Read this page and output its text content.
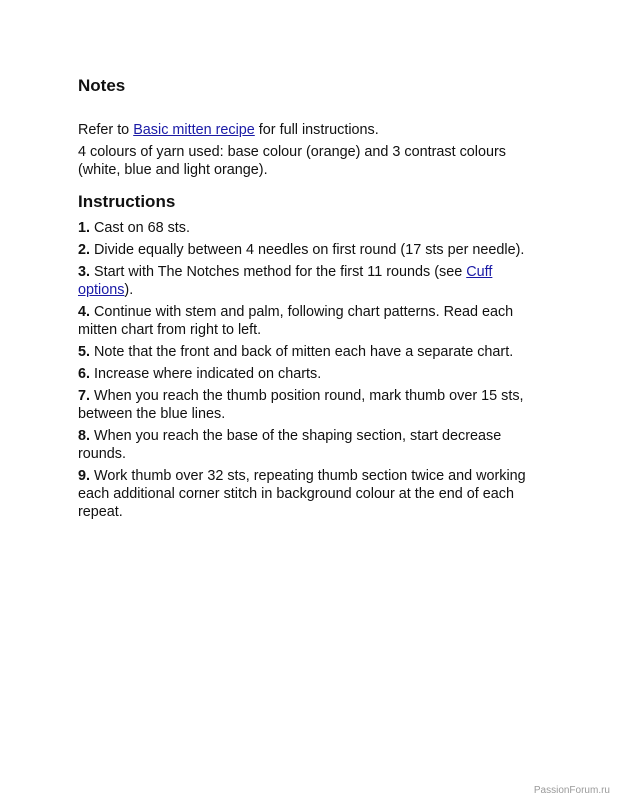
Notes

Refer to Basic mitten recipe for full instructions.

4 colours of yarn used: base colour (orange) and 3 contrast colours (white, blue and light orange).

Instructions

1. Cast on 68 sts.

2. Divide equally between 4 needles on first round (17 sts per needle).

3. Start with The Notches method for the first 11 rounds (see Cuff options).

4. Continue with stem and palm, following chart patterns. Read each mitten chart from right to left.

5. Note that the front and back of mitten each have a separate chart.

6. Increase where indicated on charts.

7. When you reach the thumb position round, mark thumb over 15 sts, between the blue lines.

8. When you reach the base of the shaping section, start decrease rounds.

9. Work thumb over 32 sts, repeating thumb section twice and working each additional corner stitch in background colour at the end of each repeat.

PassionForum.ru
